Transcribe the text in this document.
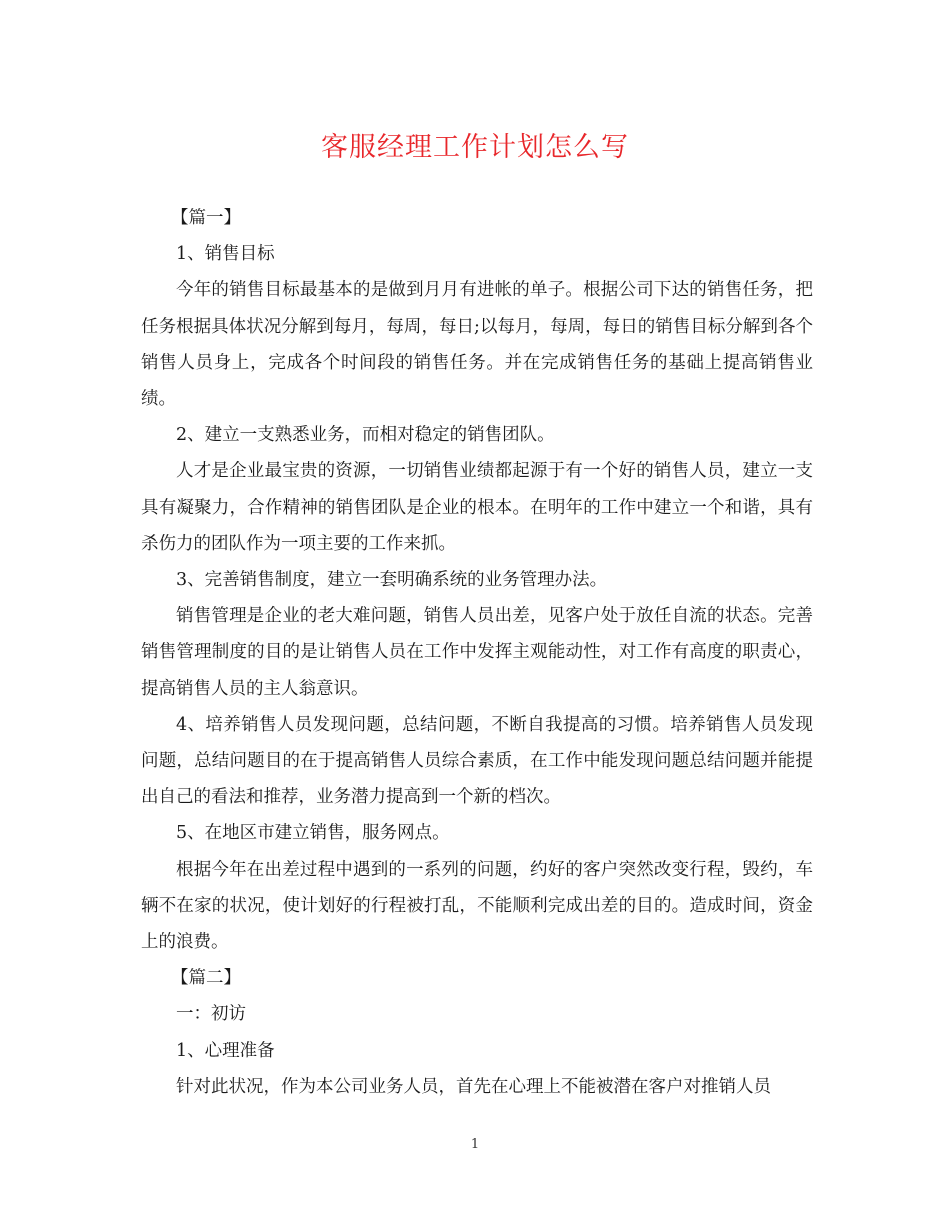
客服经理工作计划怎么写

【篇一】

1、销售目标

今年的销售目标最基本的是做到月月有进帐的单子。根据公司下达的销售任务，把任务根据具体状况分解到每月，每周，每日;以每月，每周，每日的销售目标分解到各个销售人员身上，完成各个时间段的销售任务。并在完成销售任务的基础上提高销售业绩。

2、建立一支熟悉业务，而相对稳定的销售团队。

人才是企业最宝贵的资源，一切销售业绩都起源于有一个好的销售人员，建立一支具有凝聚力，合作精神的销售团队是企业的根本。在明年的工作中建立一个和谐，具有杀伤力的团队作为一项主要的工作来抓。

3、完善销售制度，建立一套明确系统的业务管理办法。

销售管理是企业的老大难问题，销售人员出差，见客户处于放任自流的状态。完善销售管理制度的目的是让销售人员在工作中发挥主观能动性，对工作有高度的职责心，提高销售人员的主人翁意识。

4、培养销售人员发现问题，总结问题，不断自我提高的习惯。培养销售人员发现问题，总结问题目的在于提高销售人员综合素质，在工作中能发现问题总结问题并能提出自己的看法和推荐，业务潜力提高到一个新的档次。

5、在地区市建立销售，服务网点。

根据今年在出差过程中遇到的一系列的问题，约好的客户突然改变行程，毁约，车辆不在家的状况，使计划好的行程被打乱，不能顺利完成出差的目的。造成时间，资金上的浪费。

【篇二】

一：初访

1、心理准备

针对此状况，作为本公司业务人员，首先在心理上不能被潜在客户对推销人员

1
